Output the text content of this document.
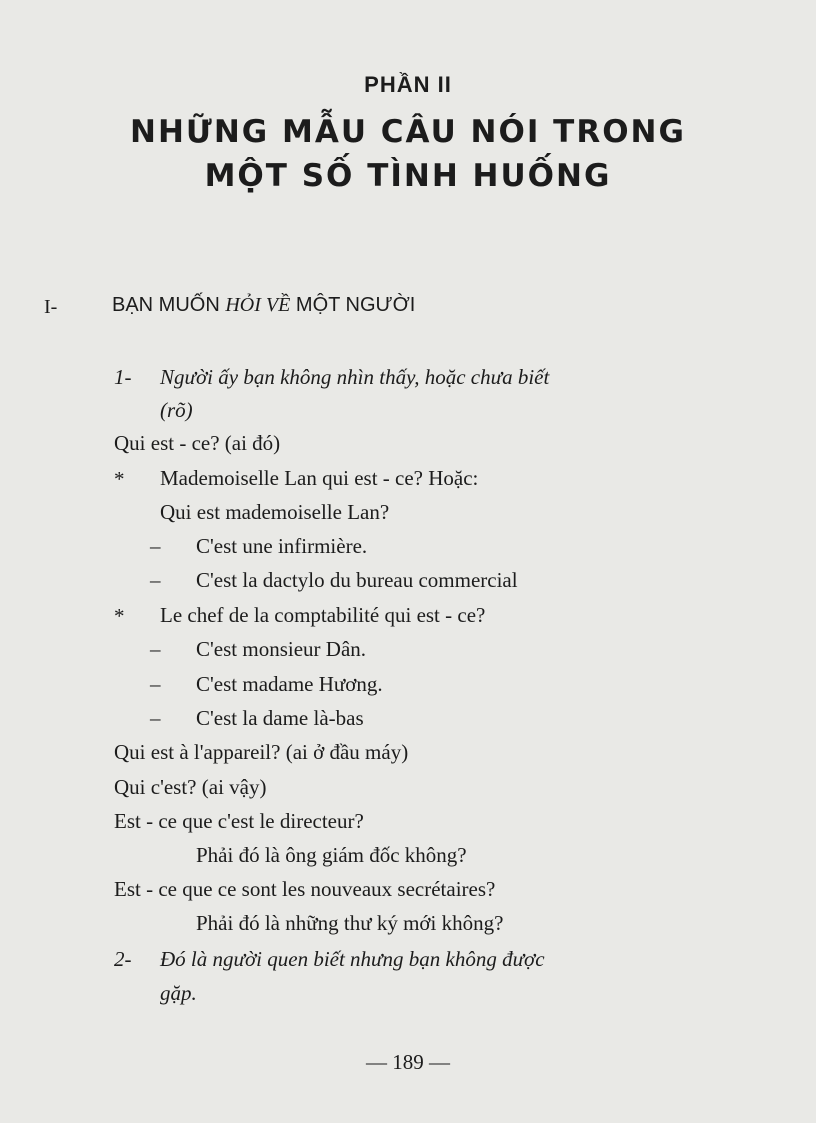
PHẦN II
NHỮNG MẪU CÂU NÓI TRONG
MỘT SỐ TÌNH HUỐNG
I-	BẠN MUỐN HỎI VỀ MỘT NGƯỜI
1- Người ấy bạn không nhìn thấy, hoặc chưa biết
(rõ)
Qui est - ce? (ai đó)
* Mademoiselle Lan qui est - ce? Hoặc:
Qui est mademoiselle Lan?
– C'est une infirmière.
– C'est la dactylo du bureau commercial
* Le chef de la comptabilité qui est - ce?
– C'est monsieur Dân.
– C'est madame Hương.
– C'est la dame là-bas
Qui est à l'appareil? (ai ở đầu máy)
Qui c'est? (ai vậy)
Est - ce que c'est le directeur?
Phải đó là ông giám đốc không?
Est - ce que ce sont les nouveaux secrétaires?
Phải đó là những thư ký mới không?
2- Đó là người quen biết nhưng bạn không được
gặp.
— 189 —
